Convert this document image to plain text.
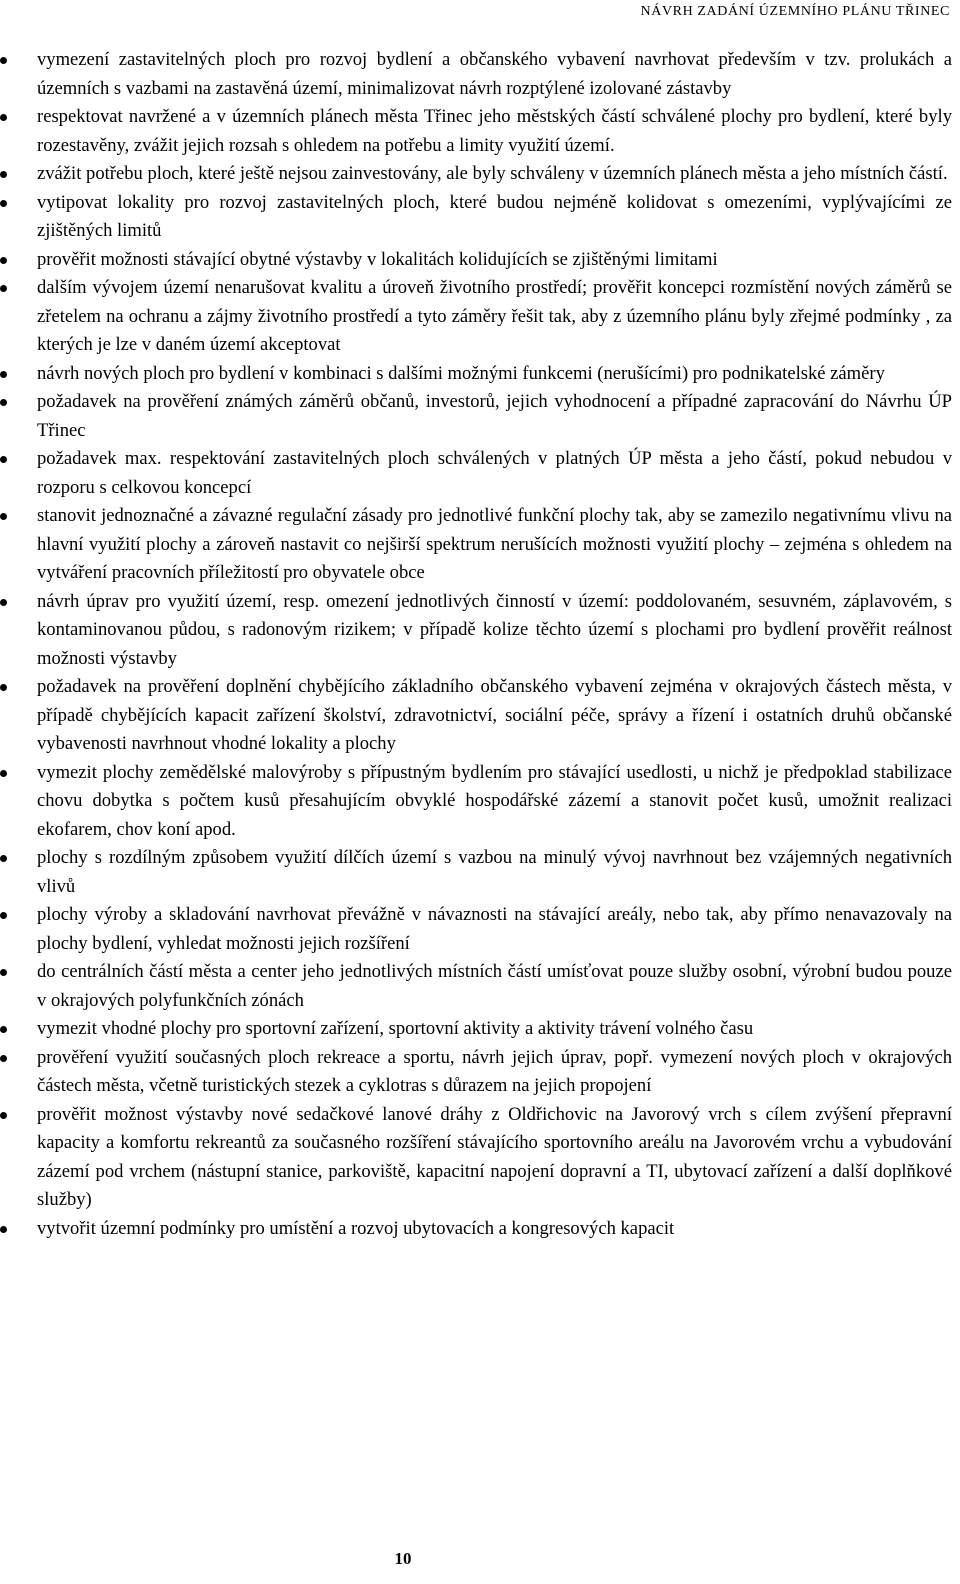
NÁVRH ZADÁNÍ ÚZEMNÍHO PLÁNU TŘINEC
vymezení zastavitelných ploch pro rozvoj bydlení a občanského vybavení navrhovat především v tzv. prolukách a územních s vazbami na zastavěná území, minimalizovat návrh rozptýlené izolované zástavby
respektovat navržené a v územních plánech města Třinec jeho městských částí schválené plochy pro bydlení, které byly rozestavěny, zvážit jejich rozsah s ohledem na potřebu a limity využití území.
zvážit potřebu ploch, které ještě nejsou zainvestovány, ale byly schváleny v územních plánech města a jeho místních částí.
vytipovat lokality pro rozvoj zastavitelných ploch, které budou nejméně kolidovat s omezeními, vyplývajícími ze zjištěných limitů
prověřit možnosti stávající obytné výstavby v lokalitách kolidujících se zjištěnými limitami
dalším vývojem území nenarušovat kvalitu a úroveň životního prostředí; prověřit koncepci rozmístění nových záměrů se zřetelem na ochranu a zájmy životního prostředí a tyto záměry řešit tak, aby z územního plánu byly zřejmé podmínky , za kterých je lze v daném území akceptovat
návrh nových ploch pro bydlení v kombinaci s dalšími možnými funkcemi (nerušícími) pro podnikatelské záměry
požadavek na prověření známých záměrů občanů, investorů, jejich vyhodnocení a případné zapracování do Návrhu ÚP Třinec
požadavek max. respektování zastavitelných ploch schválených v platných ÚP města a jeho částí, pokud nebudou v rozporu s celkovou koncepcí
stanovit jednoznačné a závazné regulační zásady pro jednotlivé funkční plochy tak, aby se zamezilo negativnímu vlivu na hlavní využití plochy a zároveň nastavit co nejširší spektrum nerušících možnosti využití plochy – zejména s ohledem na vytváření pracovních příležitostí pro obyvatele obce
návrh úprav pro využití území, resp. omezení jednotlivých činností v území: poddolovaném, sesuvném, záplavovém, s kontaminovanou půdou, s radonovým rizikem; v případě kolize těchto území s plochami pro bydlení prověřit reálnost možnosti výstavby
požadavek na prověření doplnění chybějícího základního občanského vybavení zejména v okrajových částech města, v případě chybějících kapacit zařízení školství, zdravotnictví, sociální péče, správy a řízení i ostatních druhů občanské vybavenosti navrhnout vhodné lokality a plochy
vymezit plochy zemědělské malovýroby s přípustným bydlením pro stávající usedlosti, u nichž je předpoklad stabilizace chovu dobytka s počtem kusů přesahujícím obvyklé hospodářské zázemí a stanovit počet kusů, umožnit realizaci ekofarem, chov koní apod.
plochy s rozdílným způsobem využití dílčích území s vazbou na minulý vývoj navrhnout bez vzájemných negativních vlivů
plochy výroby a skladování navrhovat převážně v návaznosti na stávající areály, nebo tak, aby přímo nenavazovaly na plochy bydlení, vyhledat možnosti jejich rozšíření
do centrálních částí města a center jeho jednotlivých místních částí umísťovat pouze služby osobní, výrobní budou pouze v okrajových polyfunkčních zónách
vymezit vhodné plochy pro sportovní zařízení, sportovní aktivity a aktivity trávení volného času
prověření využití současných ploch rekreace a sportu, návrh jejich úprav, popř. vymezení nových ploch v okrajových částech města, včetně turistických stezek a cyklotras s důrazem na jejich propojení
prověřit možnost výstavby nové sedačkové lanové dráhy z Oldřichovic na Javorový vrch s cílem zvýšení přepravní kapacity a komfortu rekreantů za současného rozšíření stávajícího sportovního areálu na Javorovém vrchu a vybudování zázemí pod vrchem (nástupní stanice, parkoviště, kapacitní napojení dopravní a TI, ubytovací zařízení a další doplňkové služby)
vytvořit územní podmínky pro umístění a rozvoj ubytovacích a kongresových kapacit
10
